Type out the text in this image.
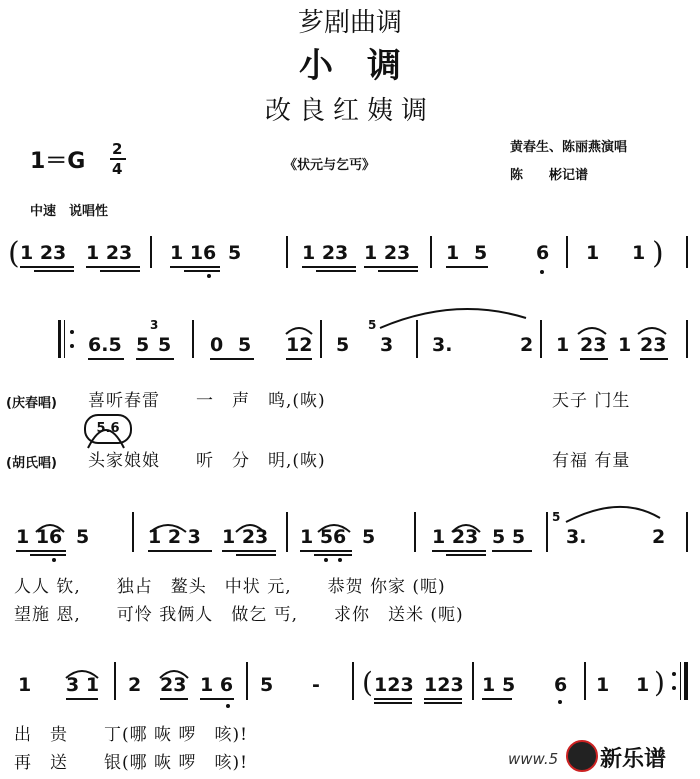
芗剧曲调
小　调
改良红姨调
1＝G 2
4	《状元与乞丐》
黄春生、陈丽燕演唱
陈　　彬记谱
中速　说唱性
( 1 23 1 23 1 16 5	1 23 1 23 1 5	6 1 1 )
6.5 5
3
5 0 5 12 5
5
3 3.	2 1 23 1 23
(庆春唱) 喜听春雷　　一　声　鸣,(咴)	天子 门生
5.6
(胡氏唱) 头家娘娘　　听　分　明,(咴)	有福 有量
1 16 5	1 2 3 1 23 1 56 5	1 23 5 5
5
3.	2
人人 钦,　　独占　鳌头　中状 元,　　恭贺 你家 (呃)
望施 恩,　　可怜 我俩人　做乞 丐,　　求你　送米 (呃)
1 3 1 2 23 1 6 5 - ( 123 123 1 5 6 1 1 )
出　贵　　丁(哪 咴 啰　咳)!
再　送　　银(哪 咴 啰　咳)!	www.5 新乐谱
